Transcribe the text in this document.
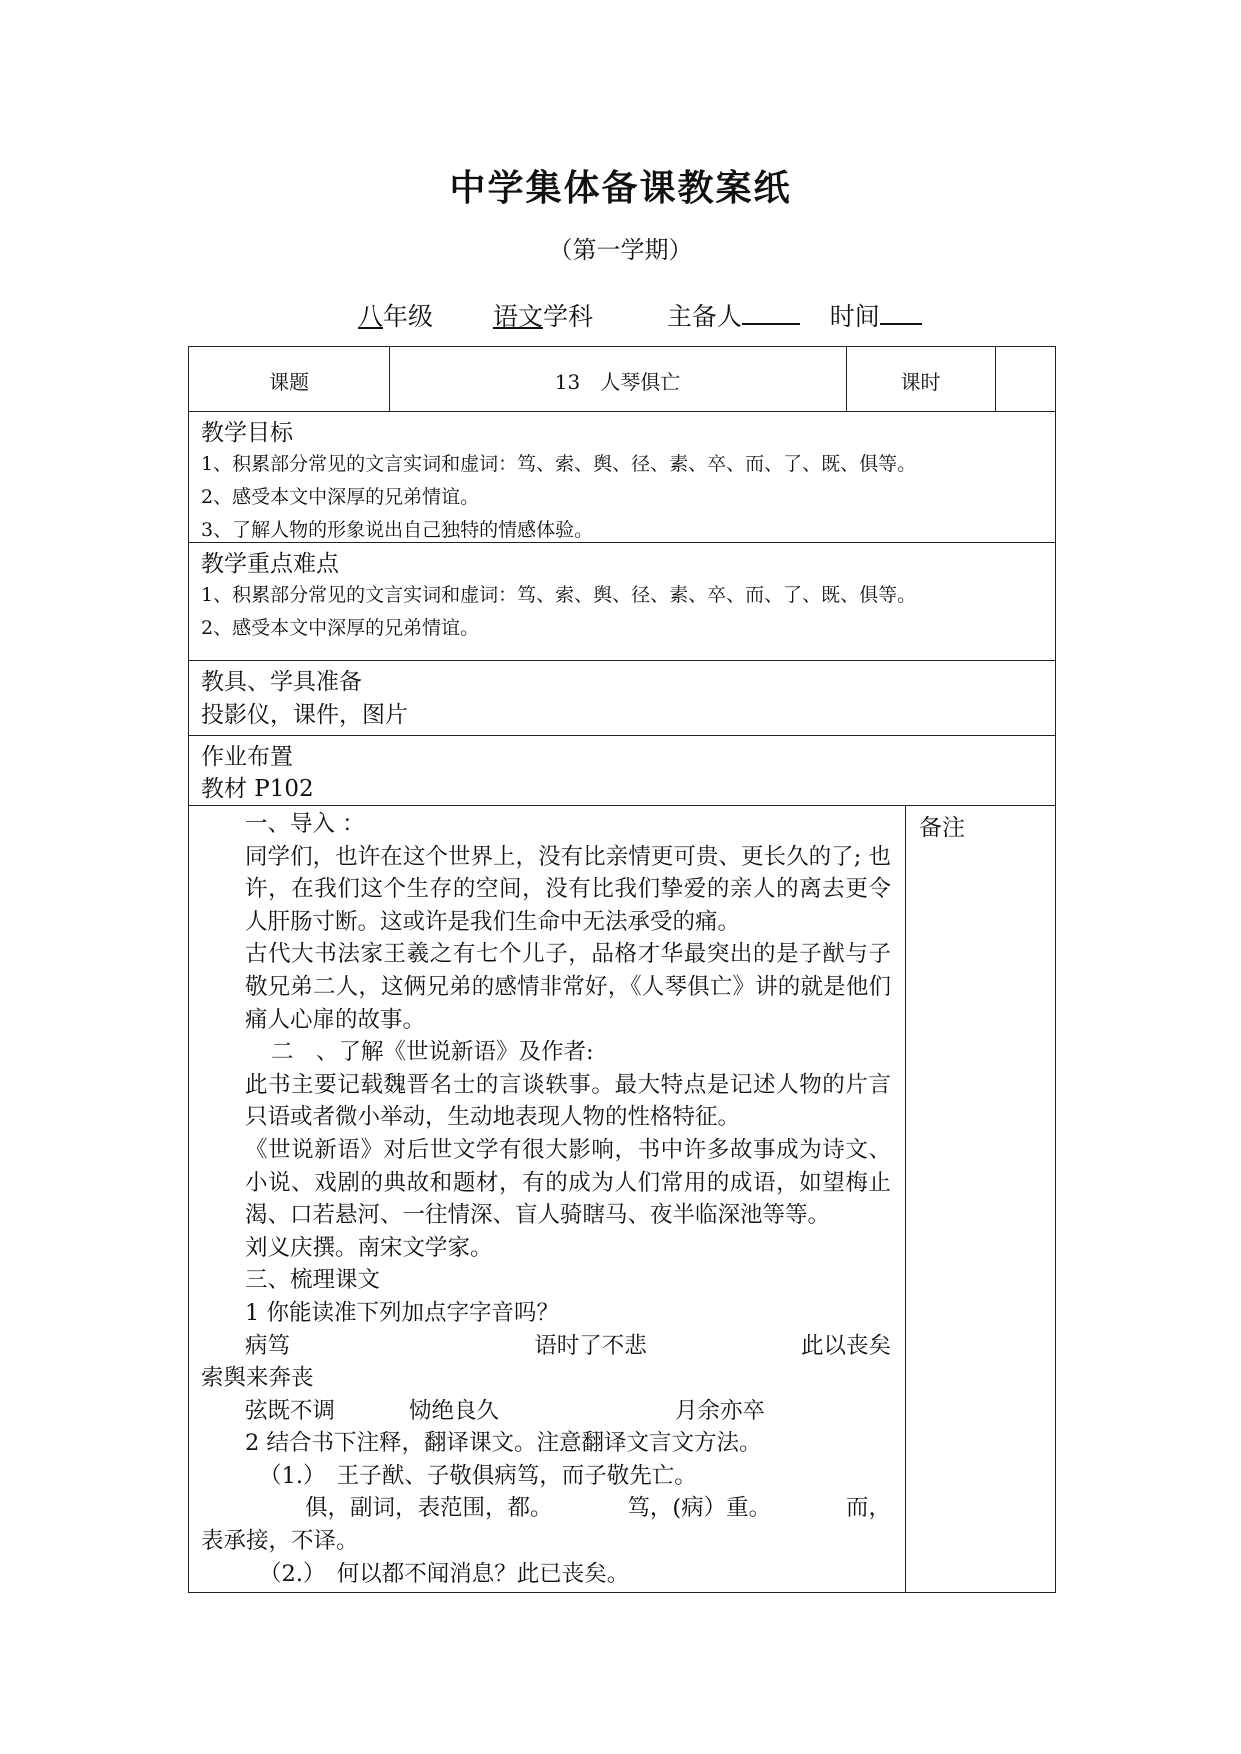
中学集体备课教案纸
（第一学期）
八年级 语文学科	主备人	时间
课题	13　人琴俱亡	课时
教学目标
1、积累部分常见的文言实词和虚词：笃、索、舆、径、素、卒、而、了、既、俱等。
2、感受本文中深厚的兄弟情谊。
3、了解人物的形象说出自己独特的情感体验。
教学重点难点
1、积累部分常见的文言实词和虚词：笃、索、舆、径、素、卒、而、了、既、俱等。
2、感受本文中深厚的兄弟情谊。
教具、学具准备
投影仪，课件，图片
作业布置
教材 P102
备注

一、导入 ：

同学们，也许在这个世界上，没有比亲情更可贵、更长久的了; 也许，在我们这个生存的空间，没有比我们挚爱的亲人的离去更令人肝肠寸断。这或许是我们生命中无法承受的痛。

古代大书法家王羲之有七个儿子，品格才华最突出的是子猷与子敬兄弟二人，这俩兄弟的感情非常好，《人琴俱亡》讲的就是他们痛人心扉的故事。

二　、了解《世说新语》及作者:

此书主要记载魏晋名士的言谈轶事。最大特点是记述人物的片言只语或者微小举动，生动地表现人物的性格特征。

《世说新语》对后世文学有很大影响，书中许多故事成为诗文、小说、戏剧的典故和题材，有的成为人们常用的成语，如望梅止渴、口若悬河、一往情深、盲人骑瞎马、夜半临深池等等。

刘义庆撰。南宋文学家。

三、梳理课文

1 你能读准下列加点字字音吗？

病笃	语时了不悲	此以丧矣

索舆来奔丧

弦既不调	恸绝良久	月余亦卒

2 结合书下注释，翻译课文。注意翻译文言文方法。

（1.）　王子猷、子敬俱病笃，而子敬先亡。

俱，副词，表范围，都。	笃，(病）重。	而，

表承接，不译。

（2.）　何以都不闻消息？此已丧矣。
